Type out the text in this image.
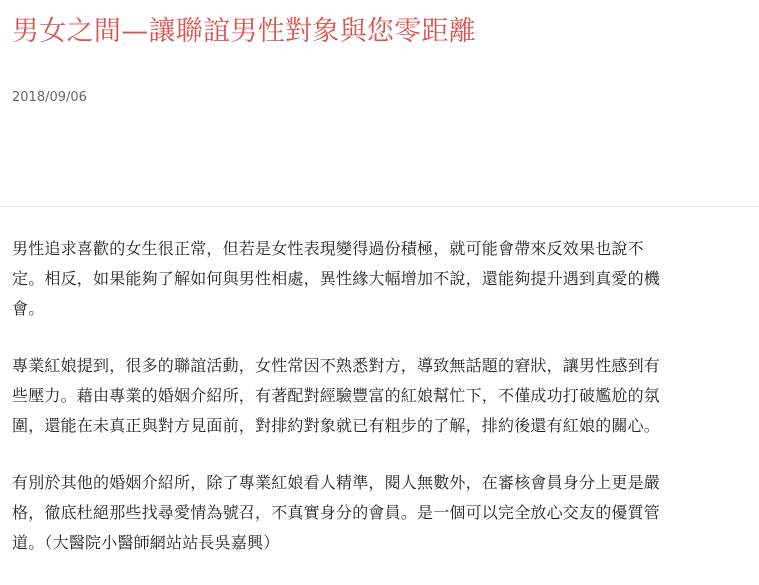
男女之間—讓聯誼男性對象與您零距離
2018/09/06

男性追求喜歡的女生很正常，但若是女性表現變得過份積極，就可能會帶來反效果也說不
定。相反，如果能夠了解如何與男性相處，異性緣大幅增加不說，還能夠提升遇到真愛的機
會。

專業紅娘提到，很多的聯誼活動，女性常因不熟悉對方，導致無話題的窘狀，讓男性感到有
些壓力。藉由專業的婚姻介紹所，有著配對經驗豐富的紅娘幫忙下，不僅成功打破尷尬的氛
圍，還能在未真正與對方見面前，對排約對象就已有粗步的了解，排約後還有紅娘的關心。

有別於其他的婚姻介紹所，除了專業紅娘看人精準，閱人無數外，在審核會員身分上更是嚴
格，徹底杜絕那些找尋愛情為號召，不真實身分的會員。是一個可以完全放心交友的優質管
道。（大醫院小醫師網站站長吳嘉興）
